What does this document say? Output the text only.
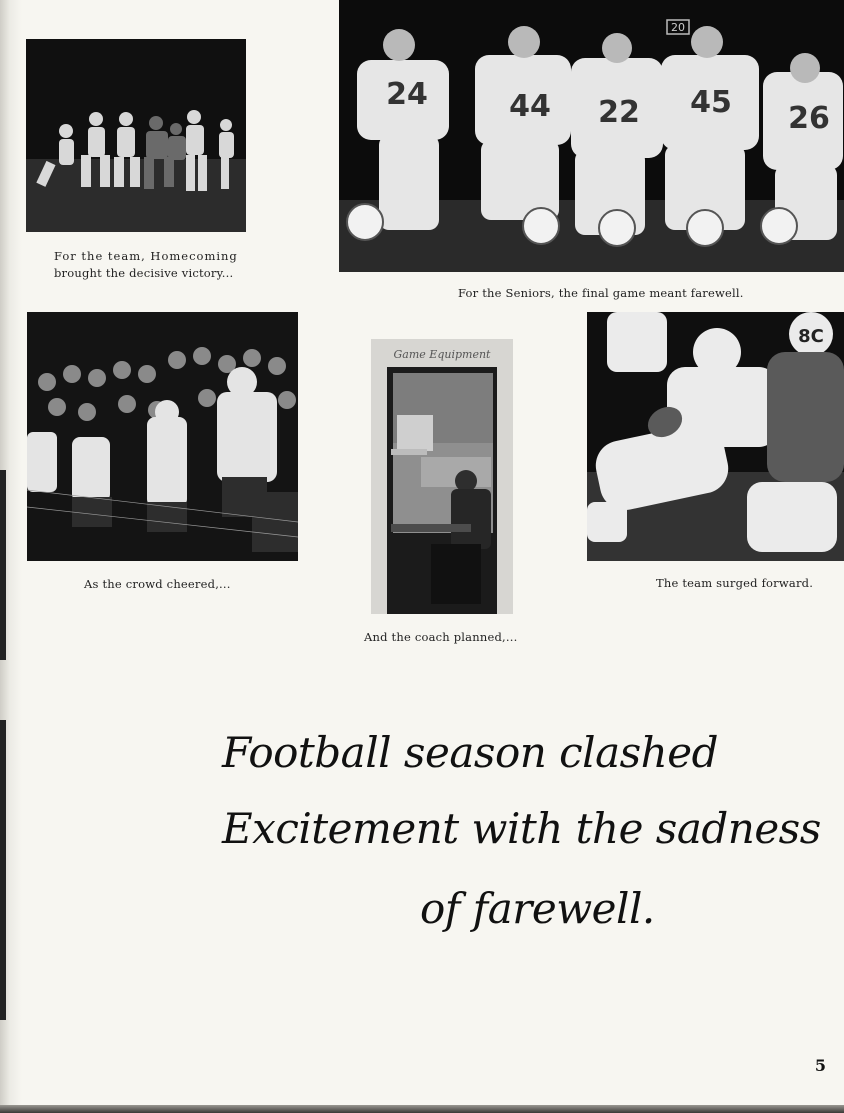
For the team, Homecoming
brought the decisive victory...
20
24	44 22 45 26
For the Seniors, the final game meant farewell.
As the crowd cheered,...
Game Equipment
And the coach planned,...
8C
The team surged forward.
Football season clashed
Excitement with the sadness
of farewell.
5
